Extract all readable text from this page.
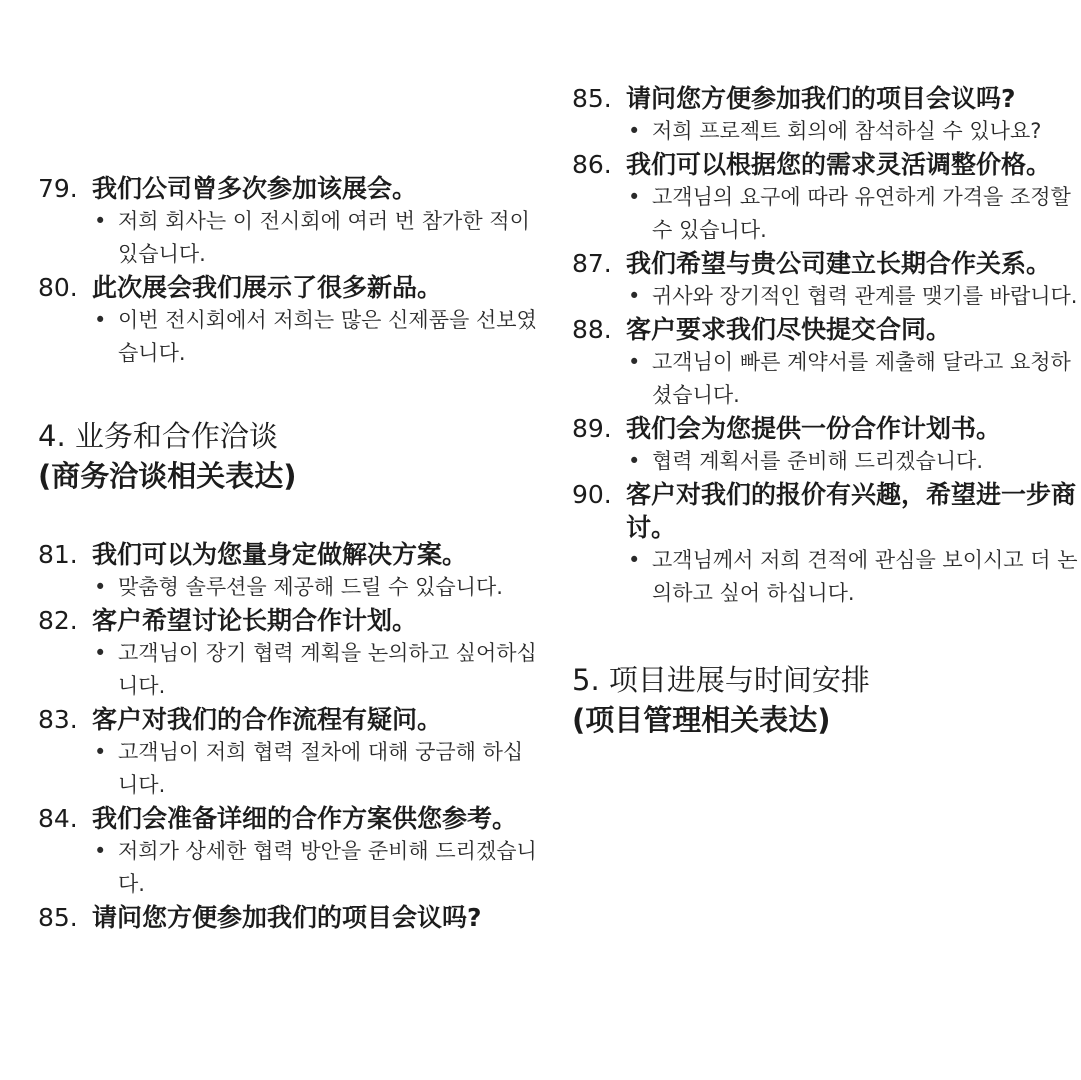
79. 我们公司曾多次参加该展会。
• 저희 회사는 이 전시회에 여러 번 참가한 적이 있습니다.
80. 此次展会我们展示了很多新品。
• 이번 전시회에서 저희는 많은 신제품을 선보였습니다.
4. 业务和合作洽谈
(商务洽谈相关表达)
81. 我们可以为您量身定做解决方案。
• 맞춤형 솔루션을 제공해 드릴 수 있습니다.
82. 客户希望讨论长期合作计划。
• 고객님이 장기 협력 계획을 논의하고 싶어하십니다.
83. 客户对我们的合作流程有疑问。
• 고객님이 저희 협력 절차에 대해 궁금해 하십니다.
84. 我们会准备详细的合作方案供您参考。
• 저희가 상세한 협력 방안을 준비해 드리겠습니다.
85. 请问您方便参加我们的项目会议吗?
85. 请问您方便参加我们的项目会议吗?
• 저희 프로젝트 회의에 참석하실 수 있나요?
86. 我们可以根据您的需求灵活调整价格。
• 고객님의 요구에 따라 유연하게 가격을 조정할 수 있습니다.
87. 我们希望与贵公司建立长期合作关系。
• 귀사와 장기적인 협력 관계를 맺기를 바랍니다.
88. 客户要求我们尽快提交合同。
• 고객님이 빠른 계약서를 제출해 달라고 요청하셨습니다.
89. 我们会为您提供一份合作计划书。
• 협력 계획서를 준비해 드리겠습니다.
90. 客户对我们的报价有兴趣，希望进一步商讨。
• 고객님께서 저희 견적에 관심을 보이시고 더 논의하고 싶어 하십니다.
5. 项目进展与时间安排
(项目管理相关表达)
